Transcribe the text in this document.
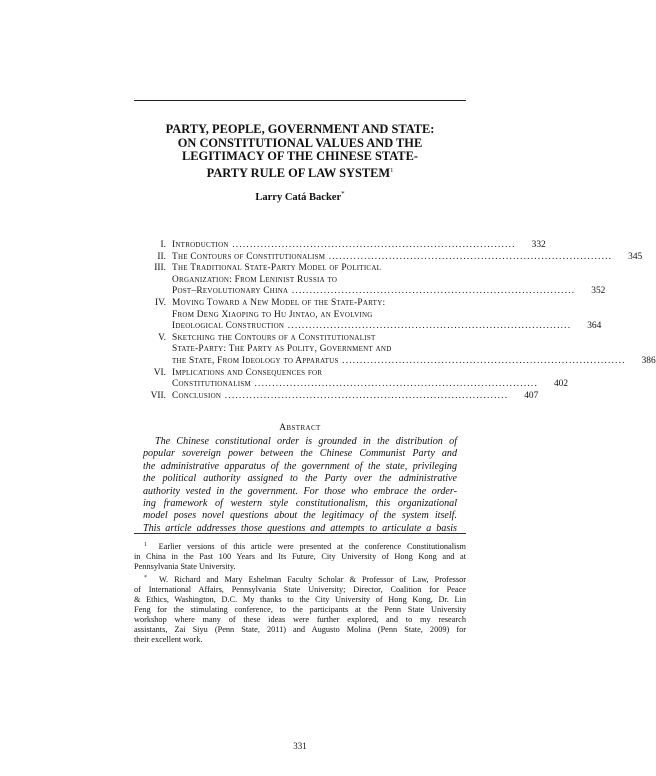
PARTY, PEOPLE, GOVERNMENT AND STATE:
ON CONSTITUTIONAL VALUES AND THE
LEGITIMACY OF THE CHINESE STATE-
PARTY RULE OF LAW SYSTEM$^1$
Larry Catá Backer*
I. Introduction ................................................................................	332
II. The Contours of Constitutionalism ................................................................................	345
III. The Traditional State-Party Model of Political
Organization: From Leninist Russia to
Post–Revolutionary China ................................................................................	352
IV. Moving Toward a New Model of the State-Party:
From Deng Xiaoping to Hu Jintao, an Evolving
Ideological Construction ................................................................................	364
V. Sketching the Contours of a Constitutionalist
State-Party: The Party as Polity, Government and
the State, From Ideology to Apparatus ................................................................................	386
VI. Implications and Consequences for
Constitutionalism ................................................................................	402
VII. Conclusion ................................................................................	407
Abstract
The Chinese constitutional order is grounded in the distribution of
popular sovereign power between the Chinese Communist Party and
the administrative apparatus of the government of the state, privileging
the political authority assigned to the Party over the administrative
authority vested in the government. For those who embrace the order-
ing framework of western style constitutionalism, this organizational
model poses novel questions about the legitimacy of the system itself.
This article addresses those questions and attempts to articulate a basis
$^1$ Earlier versions of this article were presented at the conference Constitutionalism
in China in the Past 100 Years and Its Future, City University of Hong Kong and at
Pennsylvania State University.
* W. Richard and Mary Eshelman Faculty Scholar & Professor of Law, Professor
of International Affairs, Pennsylvania State University; Director, Coalition for Peace
& Ethics, Washington, D.C. My thanks to the City University of Hong Kong, Dr. Lin
Feng for the stimulating conference, to the participants at the Penn State University
workshop where many of these ideas were further explored, and to my research
assistants, Zai Siyu (Penn State, 2011) and Augusto Molina (Penn State, 2009) for
their excellent work.
331
